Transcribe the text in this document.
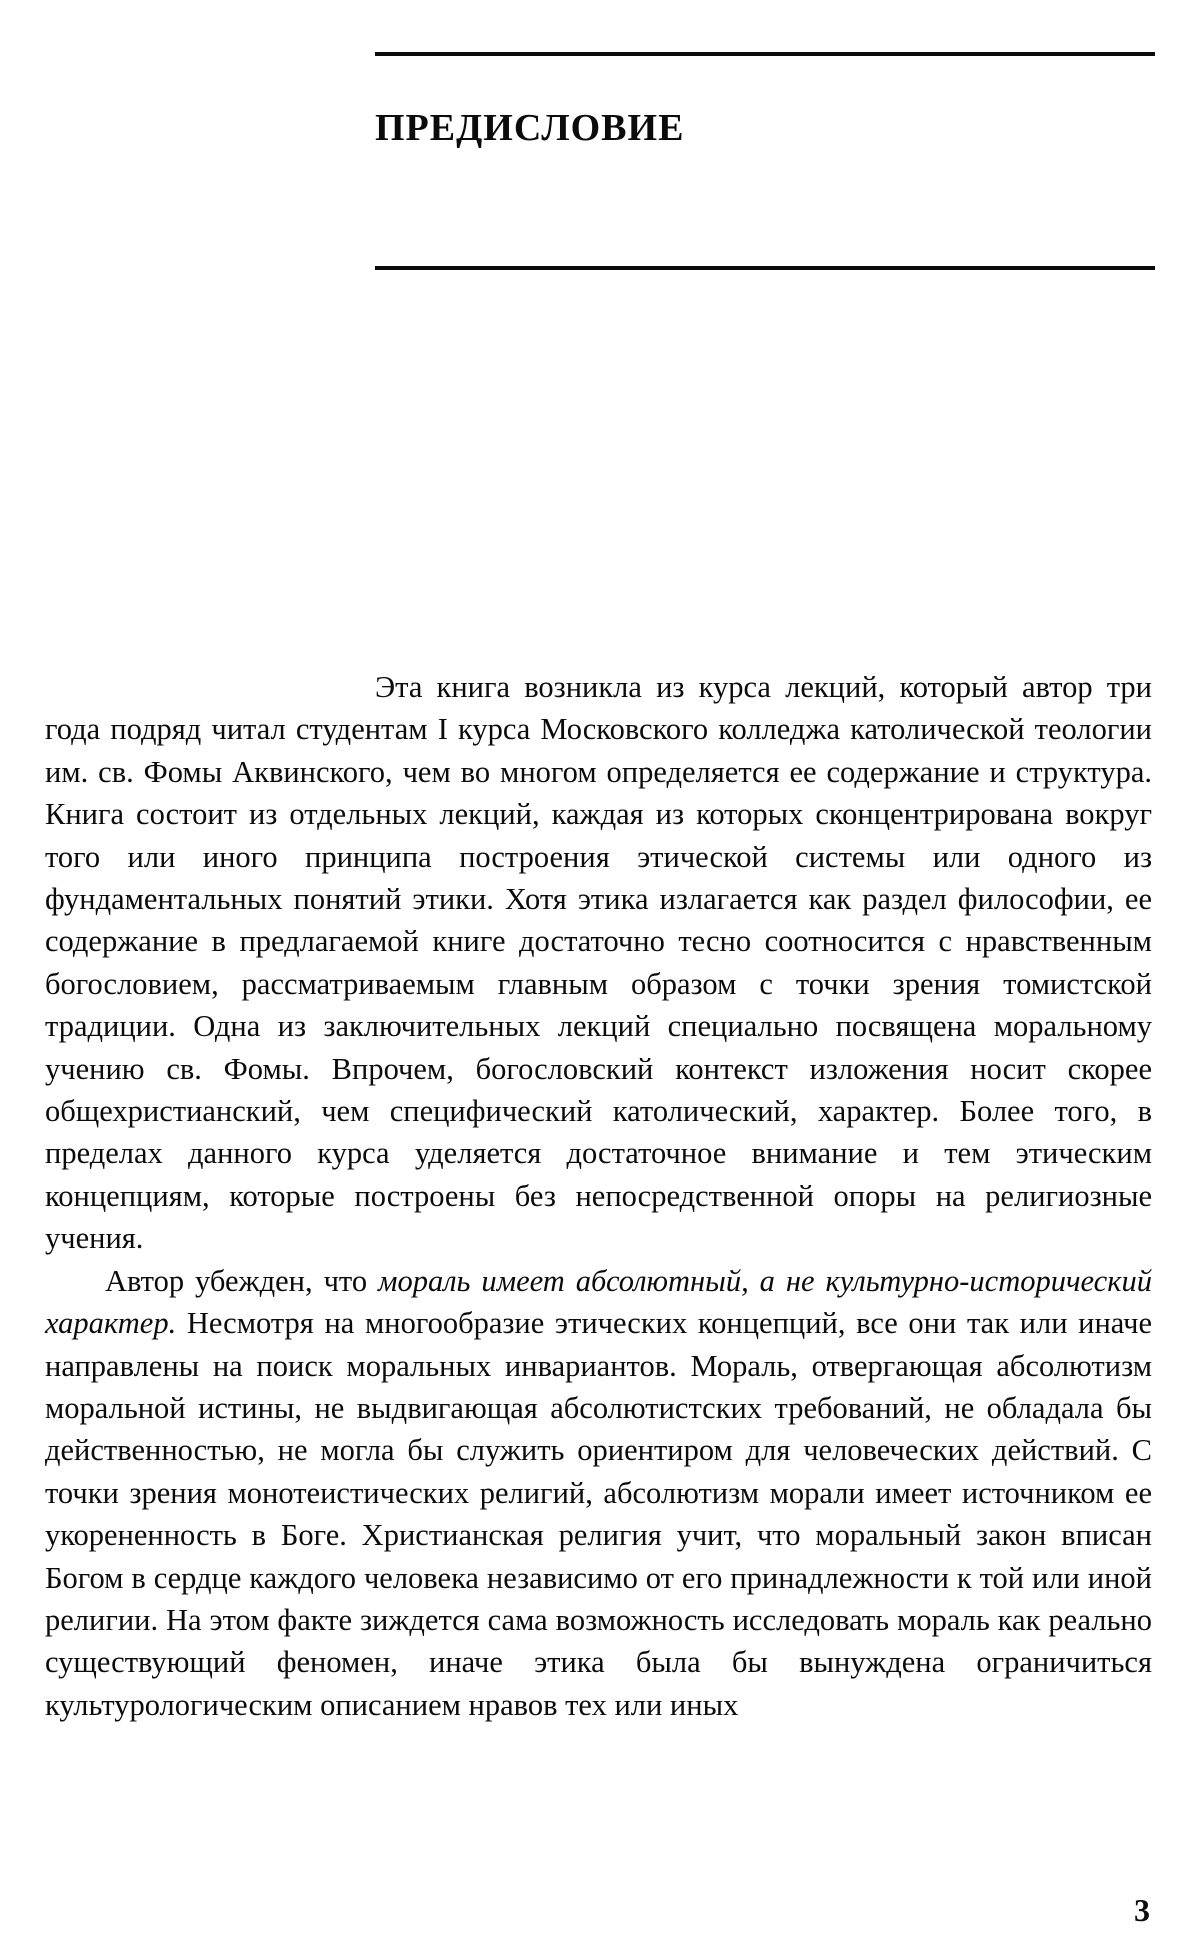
ПРЕДИСЛОВИЕ

Эта книга возникла из курса лекций, который автор три года подряд читал студентам I курса Московского колледжа католической теологии им. св. Фомы Аквинского, чем во многом определяется ее содержание и структура. Книга состоит из отдельных лекций, каждая из которых сконцентрирована вокруг того или иного принципа построения этической системы или одного из фундаментальных понятий этики. Хотя этика излагается как раздел философии, ее содержание в предлагаемой книге достаточно тесно соотносится с нравственным богословием, рассматриваемым главным образом с точки зрения томистской традиции. Одна из заключительных лекций специально посвящена моральному учению св. Фомы. Впрочем, богословский контекст изложения носит скорее общехристианский, чем специфический католический, характер. Более того, в пределах данного курса уделяется достаточное внимание и тем этическим концепциям, которые построены без непосредственной опоры на религиозные учения.

Автор убежден, что мораль имеет абсолютный, а не культурно-исторический характер. Несмотря на многообразие этических концепций, все они так или иначе направлены на поиск моральных инвариантов. Мораль, отвергающая абсолютизм моральной истины, не выдвигающая абсолютистских требований, не обладала бы действенностью, не могла бы служить ориентиром для человеческих действий. С точки зрения монотеистических религий, абсолютизм морали имеет источником ее укорененность в Боге. Христианская религия учит, что моральный закон вписан Богом в сердце каждого человека независимо от его принадлежности к той или иной религии. На этом факте зиждется сама возможность исследовать мораль как реально существующий феномен, иначе этика была бы вынуждена ограничиться культурологическим описанием нравов тех или иных

3
